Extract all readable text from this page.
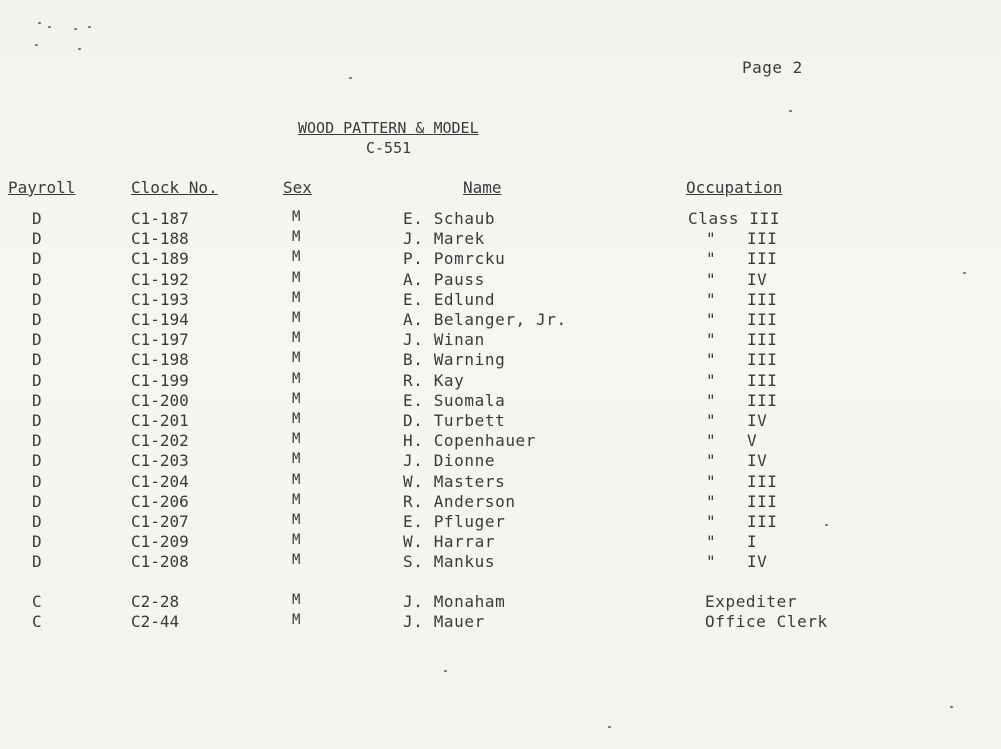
Page 2
WOOD PATTERN & MODEL
C-551
Payroll	Clock No.	Sex	Name	Occupation
D	C1-187	M	E. Schaub	Class III
D	C1-188	M	J. Marek	" III
D	C1-189	M	P. Pomrcku	" III
D	C1-192	M	A. Pauss	" IV
D	C1-193	M	E. Edlund	" III
D	C1-194	M	A. Belanger, Jr.	" III
D	C1-197	M	J. Winan	" III
D	C1-198	M	B. Warning	" III
D	C1-199	M	R. Kay	" III
D	C1-200	M	E. Suomala	" III
D	C1-201	M	D. Turbett	" IV
D	C1-202	M	H. Copenhauer	" V
D	C1-203	M	J. Dionne	" IV
D	C1-204	M	W. Masters	" III
D	C1-206	M	R. Anderson	" III
D	C1-207	M	E. Pfluger	" III
D	C1-209	M	W. Harrar	" I
D	C1-208	M	S. Mankus	" IV
C	C2-28	M	J. Monaham	Expediter
C	C2-44	M	J. Mauer	Office Clerk
